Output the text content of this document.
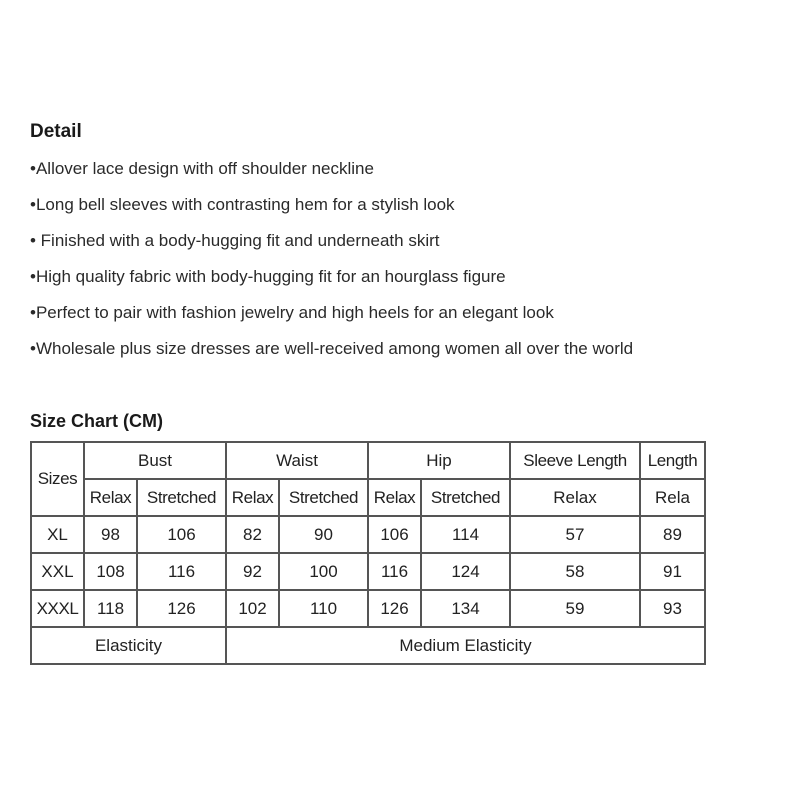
Detail
•Allover lace design with off shoulder neckline
•Long bell sleeves with contrasting hem for a stylish look
• Finished with a body-hugging fit and underneath skirt
•High quality fabric with body-hugging fit for an hourglass figure
•Perfect to pair with fashion jewelry and high heels for an elegant look
•Wholesale plus size dresses are well-received among women all over the world
Size Chart (CM)
Sizes	Bust		Waist		Hip		Sleeve Length	Length
	Relax	Stretched	Relax	Stretched	Relax	Stretched	Relax	Rela
XL	98	106	82	90	106	114	57	89
XXL	108	116	92	100	116	124	58	91
XXXL	118	126	102	110	126	134	59	93
Elasticity			Medium Elasticity					
